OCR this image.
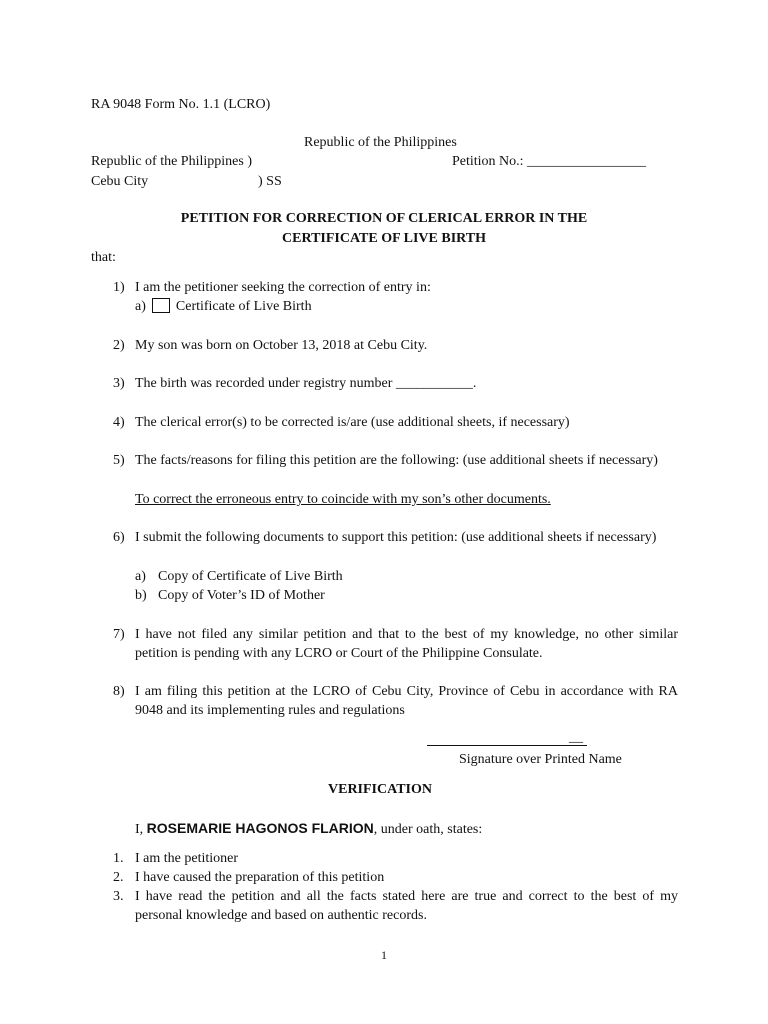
RA 9048 Form No. 1.1 (LCRO)
Republic of the Philippines
Republic of the Philippines )	Petition No.: _________________
Cebu City	) SS
PETITION FOR CORRECTION OF CLERICAL ERROR IN THE
CERTIFICATE OF LIVE BIRTH
that:
1) I am the petitioner seeking the correction of entry in:
a) Certificate of Live Birth
2) My son was born on October 13, 2018 at Cebu City.
3) The birth was recorded under registry number ___________.
4) The clerical error(s) to be corrected is/are (use additional sheets, if necessary)
5) The facts/reasons for filing this petition are the following: (use additional sheets if necessary)
To correct the erroneous entry to coincide with my son’s other documents.
6) I submit the following documents to support this petition: (use additional sheets if necessary)
a) Copy of Certificate of Live Birth
b) Copy of Voter’s ID of Mother
7) I have not filed any similar petition and that to the best of my knowledge, no other similar petition is pending with any LCRO or Court of the Philippine Consulate.
8) I am filing this petition at the LCRO of Cebu City, Province of Cebu in accordance with RA 9048 and its implementing rules and regulations
__
Signature over Printed Name
VERIFICATION
I, ROSEMARIE HAGONOS FLARION, under oath, states:
1. I am the petitioner
2. I have caused the preparation of this petition
3. I have read the petition and all the facts stated here are true and correct to the best of my personal knowledge and based on authentic records.
1
